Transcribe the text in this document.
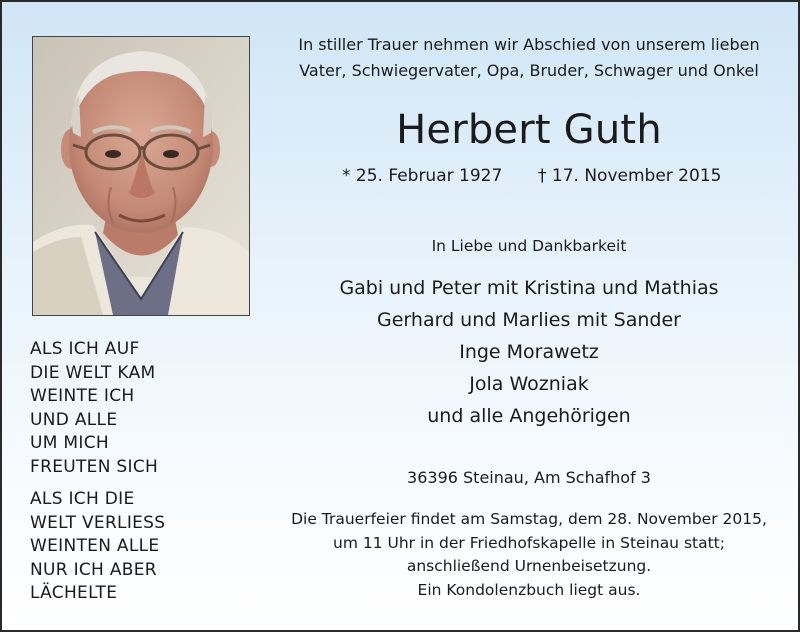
ALS ICH AUF
DIE WELT KAM
WEINTE ICH
UND ALLE
UM MICH
FREUTEN SICH
ALS ICH DIE
WELT VERLIESS
WEINTEN ALLE
NUR ICH ABER
LÄCHELTE
In stiller Trauer nehmen wir Abschied von unserem lieben
Vater, Schwiegervater, Opa, Bruder, Schwager und Onkel
Herbert Guth
* 25. Februar 1927 † 17. November 2015
In Liebe und Dankbarkeit
Gabi und Peter mit Kristina und Mathias
Gerhard und Marlies mit Sander
Inge Morawetz
Jola Wozniak
und alle Angehörigen
36396 Steinau, Am Schafhof 3
Die Trauerfeier findet am Samstag, dem 28. November 2015,
um 11 Uhr in der Friedhofskapelle in Steinau statt;
anschließend Urnenbeisetzung.
Ein Kondolenzbuch liegt aus.
